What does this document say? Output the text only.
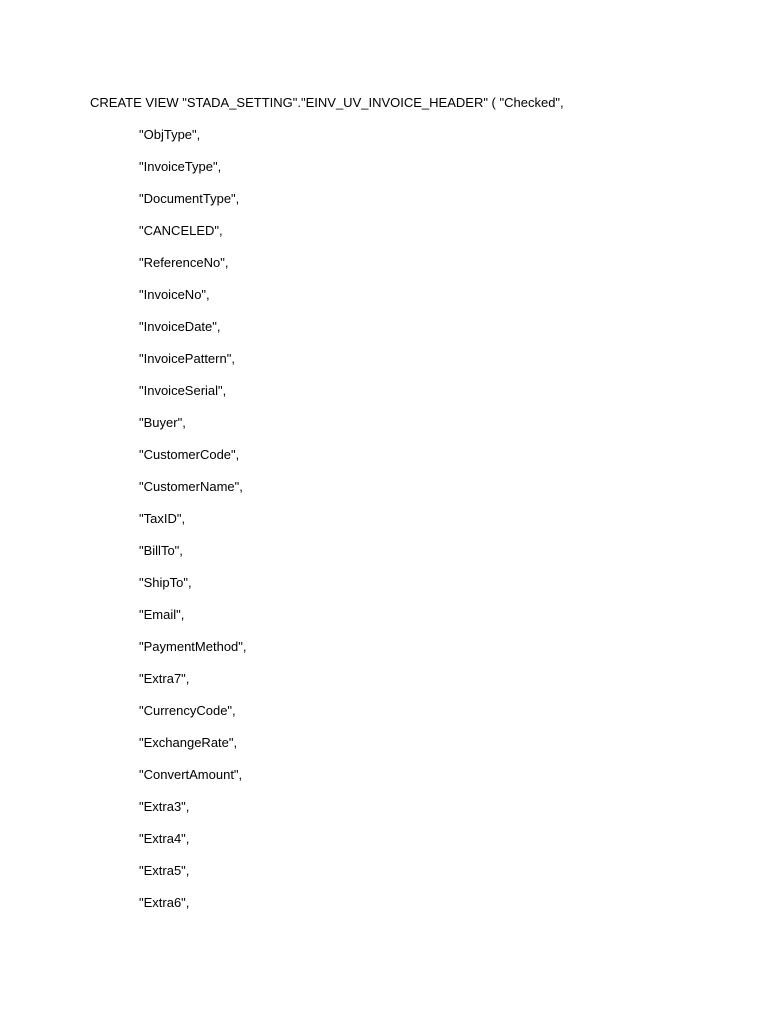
CREATE VIEW "STADA_SETTING"."EINV_UV_INVOICE_HEADER" ( "Checked",
"ObjType",
"InvoiceType",
"DocumentType",
"CANCELED",
"ReferenceNo",
"InvoiceNo",
"InvoiceDate",
"InvoicePattern",
"InvoiceSerial",
"Buyer",
"CustomerCode",
"CustomerName",
"TaxID",
"BillTo",
"ShipTo",
"Email",
"PaymentMethod",
"Extra7",
"CurrencyCode",
"ExchangeRate",
"ConvertAmount",
"Extra3",
"Extra4",
"Extra5",
"Extra6",
